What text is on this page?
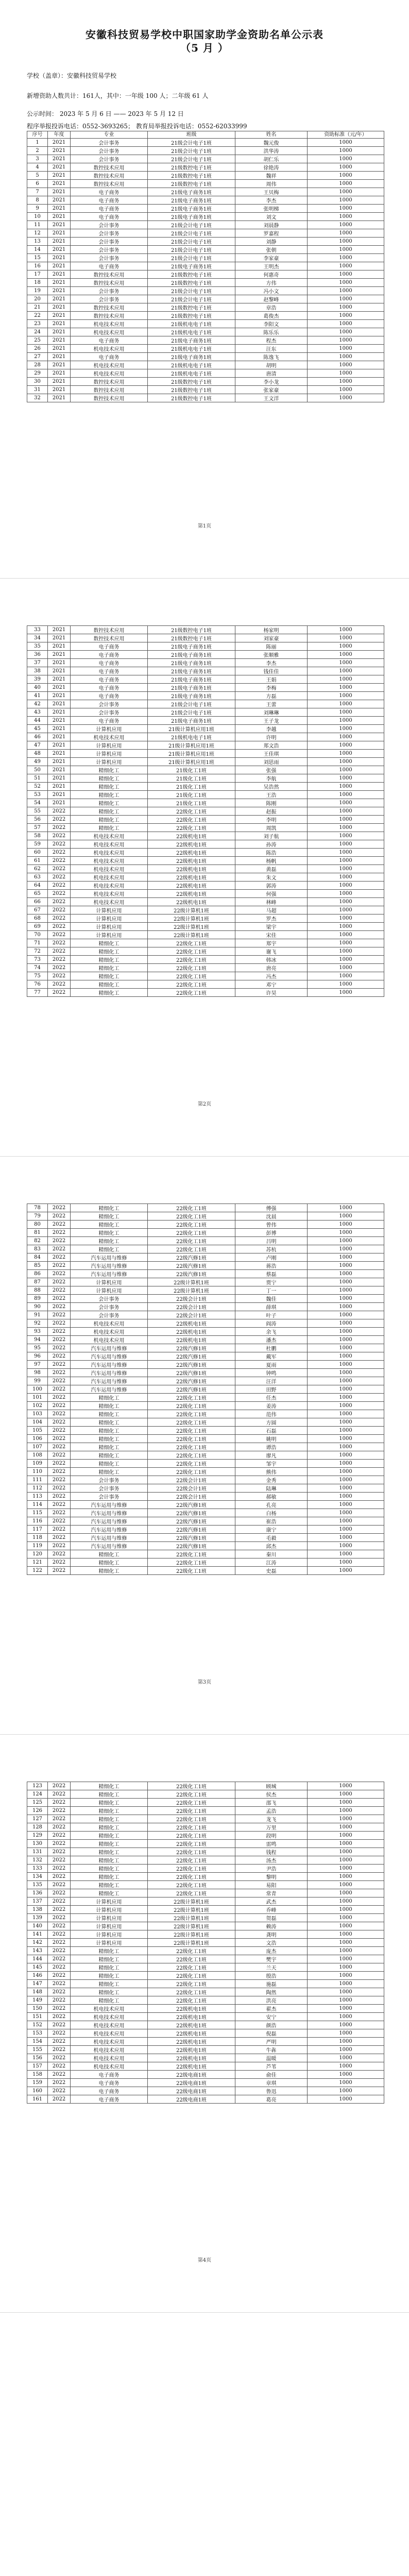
安徽科技贸易学校中职国家助学金资助名单公示表
（5 月 ）
学校（盖章）：安徽科技贸易学校
新增资助人数共计：161人，其中：一年级 100 人；二年级 61 人
公示时间： 2023 年 5 月 6 日 —— 2023 年 5 月 12 日
程序举报投诉电话：0552-3693265； 教育局举报投诉电话：0552-62033999
序号	年度	专业	班级	姓名	资助标准（元/年）
1	2021	会计事务	21级会计电子1班	魏元俊	1000
2	2021	会计事务	21级会计电子1班	洪华涛	1000
3	2021	会计事务	21级会计电子1班	胡仁乐	1000
4	2021	数控技术应用	21级数控电子1班	徐艳涛	1000
5	2021	数控技术应用	21级数控电子1班	魏祥	1000
6	2021	数控技术应用	21级数控电子1班	周伟	1000
7	2021	电子商务	21级电子商务1班	王贝梅	1000
8	2021	电子商务	21级电子商务1班	李杰	1000
9	2021	电子商务	21级电子商务1班	张明梯	1000
10	2021	电子商务	21级电子商务1班	刘文	1000
11	2021	会计事务	21级会计电子1班	刘晨静	1000
12	2021	会计事务	21级会计电子1班	罗嘉程	1000
13	2021	会计事务	21级会计电子1班	刘静	1000
14	2021	会计事务	21级会计电子1班	张朝	1000
15	2021	会计事务	21级会计电子1班	李家豪	1000
16	2021	电子商务	21级电子商务1班	王明杰	1000
17	2021	数控技术应用	21级数控电子1班	何惠奇	1000
18	2021	数控技术应用	21级数控电子1班	方伟	1000
19	2021	会计事务	21级会计电子1班	冯小文	1000
20	2021	会计事务	21级会计电子1班	赵黎峰	1000
21	2021	数控技术应用	21级数控电子1班	章浩	1000
22	2021	数控技术应用	21级数控电子1班	葛俊杰	1000
23	2021	机电技术应用	21级机电电子1班	李阳文	1000
24	2021	机电技术应用	21级机电电子1班	陈乐乐	1000
25	2021	电子商务	21级电子商务1班	程杰	1000
26	2021	机电技术应用	21级机电电子1班	汪东	1000
27	2021	电子商务	21级电子商务1班	陈逸飞	1000
28	2021	机电技术应用	21级机电电子1班	胡明	1000
29	2021	机电技术应用	21级机电电子1班	唐清	1000
30	2021	数控技术应用	21级数控电子1班	李小龙	1000
31	2021	数控技术应用	21级数控电子1班	张家豪	1000
32	2021	数控技术应用	21级数控电子1班	王文洋	1000
第1页
33	2021	数控技术应用	21级数控电子1班	杨家明	1000
34	2021	数控技术应用	21级数控电子1班	刘家豪	1000
35	2021	电子商务	21级电子商务1班	陈丽	1000
36	2021	电子商务	21级电子商务1班	张顺雅	1000
37	2021	电子商务	21级电子商务1班	李杰	1000
38	2021	电子商务	21级电子商务1班	钱佳佳	1000
39	2021	电子商务	21级电子商务1班	王娟	1000
40	2021	电子商务	21级电子商务1班	李梅	1000
41	2021	电子商务	21级电子商务1班	方磊	1000
42	2021	会计事务	21级会计电子1班	王蕾	1000
43	2021	会计事务	21级会计电子1班	刘琳琳	1000
44	2021	电子商务	21级电子商务1班	王子龙	1000
45	2021	计算机应用	21级计算机应用1班	李越	1000
46	2021	机电技术应用	21级机电电子1班	许明	1000
47	2021	计算机应用	21级计算机应用1班	郑文浩	1000
48	2021	计算机应用	21级计算机应用1班	王佳琪	1000
49	2021	计算机应用	21级计算机应用1班	刘思雨	1000
50	2021	精细化工	21级化工1班	张强	1000
51	2021	精细化工	21级化工1班	李航	1000
52	2021	精细化工	21级化工1班	吴浩然	1000
53	2021	精细化工	21级化工1班	王浩	1000
54	2021	精细化工	21级化工1班	陈刚	1000
55	2022	精细化工	22级化工1班	赵振	1000
56	2022	精细化工	22级化工1班	李明	1000
57	2022	精细化工	22级化工1班	周凯	1000
58	2022	机电技术应用	22级机电1班	刘子航	1000
59	2022	机电技术应用	22级机电1班	孙涛	1000
60	2022	机电技术应用	22级机电1班	陈浩	1000
61	2022	机电技术应用	22级机电1班	杨帆	1000
62	2022	机电技术应用	22级机电1班	黄磊	1000
63	2022	机电技术应用	22级机电1班	朱文	1000
64	2022	机电技术应用	22级机电1班	郭涛	1000
65	2022	机电技术应用	22级机电1班	何强	1000
66	2022	机电技术应用	22级机电1班	林峰	1000
67	2022	计算机应用	22级计算机1班	马超	1000
68	2022	计算机应用	22级计算机1班	罗杰	1000
69	2022	计算机应用	22级计算机1班	梁宇	1000
70	2022	计算机应用	22级计算机1班	宋佳	1000
71	2022	精细化工	22级化工1班	郑宇	1000
72	2022	精细化工	22级化工1班	谢飞	1000
73	2022	精细化工	22级化工1班	韩冰	1000
74	2022	精细化工	22级化工1班	唐亮	1000
75	2022	精细化工	22级化工1班	冯杰	1000
76	2022	精细化工	22级化工1班	邓宁	1000
77	2022	精细化工	22级化工1班	许昊	1000
第2页
78	2022	精细化工	22级化工1班	傅强	1000
79	2022	精细化工	22级化工1班	沈晨	1000
80	2022	精细化工	22级化工1班	曾伟	1000
81	2022	精细化工	22级化工1班	彭博	1000
82	2022	精细化工	22级化工1班	吕明	1000
83	2022	精细化工	22级化工1班	苏杭	1000
84	2022	汽车运用与维修	22级汽修1班	卢刚	1000
85	2022	汽车运用与维修	22级汽修1班	蒋浩	1000
86	2022	汽车运用与维修	22级汽修1班	蔡磊	1000
87	2022	计算机应用	22级计算机1班	贾宁	1000
88	2022	计算机应用	22级计算机1班	丁一	1000
89	2022	会计事务	22级会计1班	魏佳	1000
90	2022	会计事务	22级会计1班	薛琪	1000
91	2022	会计事务	22级会计1班	叶子	1000
92	2022	机电技术应用	22级机电1班	阎涛	1000
93	2022	机电技术应用	22级机电1班	余飞	1000
94	2022	机电技术应用	22级机电1班	潘杰	1000
95	2022	汽车运用与维修	22级汽修1班	杜鹏	1000
96	2022	汽车运用与维修	22级汽修1班	戴军	1000
97	2022	汽车运用与维修	22级汽修1班	夏雨	1000
98	2022	汽车运用与维修	22级汽修1班	钟鸣	1000
99	2022	汽车运用与维修	22级汽修1班	汪洋	1000
100	2022	汽车运用与维修	22级汽修1班	田野	1000
101	2022	精细化工	22级化工1班	任杰	1000
102	2022	精细化工	22级化工1班	姜涛	1000
103	2022	精细化工	22级化工1班	范伟	1000
104	2022	精细化工	22级化工1班	方圆	1000
105	2022	精细化工	22级化工1班	石磊	1000
106	2022	精细化工	22级化工1班	姚明	1000
107	2022	精细化工	22级化工1班	谭浩	1000
108	2022	精细化工	22级化工1班	廖凡	1000
109	2022	精细化工	22级化工1班	邹宇	1000
110	2022	精细化工	22级化工1班	熊伟	1000
111	2022	会计事务	22级会计1班	金秀	1000
112	2022	会计事务	22级会计1班	陆琳	1000
113	2022	会计事务	22级会计1班	郝敏	1000
114	2022	汽车运用与维修	22级汽修1班	孔亮	1000
115	2022	汽车运用与维修	22级汽修1班	白杨	1000
116	2022	汽车运用与维修	22级汽修1班	崔浩	1000
117	2022	汽车运用与维修	22级汽修1班	康宁	1000
118	2022	汽车运用与维修	22级汽修1班	毛毅	1000
119	2022	汽车运用与维修	22级汽修1班	邱杰	1000
120	2022	精细化工	22级化工1班	秦川	1000
121	2022	精细化工	22级化工1班	江涛	1000
122	2022	精细化工	22级化工1班	史磊	1000
第3页
123	2022	精细化工	22级化工1班	顾城	1000
124	2022	精细化工	22级化工1班	侯杰	1000
125	2022	精细化工	22级化工1班	邵飞	1000
126	2022	精细化工	22级化工1班	孟浩	1000
127	2022	精细化工	22级化工1班	龙飞	1000
128	2022	精细化工	22级化工1班	万里	1000
129	2022	精细化工	22级化工1班	段明	1000
130	2022	精细化工	22级化工1班	雷鸣	1000
131	2022	精细化工	22级化工1班	钱程	1000
132	2022	精细化工	22级化工1班	汤杰	1000
133	2022	精细化工	22级化工1班	尹浩	1000
134	2022	精细化工	22级化工1班	黎明	1000
135	2022	精细化工	22级化工1班	易阳	1000
136	2022	精细化工	22级化工1班	常青	1000
137	2022	计算机应用	22级计算机1班	武杰	1000
138	2022	计算机应用	22级计算机1班	乔峰	1000
139	2022	计算机应用	22级计算机1班	贺磊	1000
140	2022	计算机应用	22级计算机1班	赖涛	1000
141	2022	计算机应用	22级计算机1班	龚明	1000
142	2022	计算机应用	22级计算机1班	文浩	1000
143	2022	精细化工	22级化工1班	庞杰	1000
144	2022	精细化工	22级化工1班	樊宇	1000
145	2022	精细化工	22级化工1班	兰天	1000
146	2022	精细化工	22级化工1班	殷浩	1000
147	2022	精细化工	22级化工1班	施磊	1000
148	2022	精细化工	22级化工1班	陶然	1000
149	2022	精细化工	22级化工1班	洪亮	1000
150	2022	机电技术应用	22级机电1班	翟杰	1000
151	2022	机电技术应用	22级机电1班	安宁	1000
152	2022	机电技术应用	22级机电1班	颜浩	1000
153	2022	机电技术应用	22级机电1班	倪磊	1000
154	2022	机电技术应用	22级机电1班	严明	1000
155	2022	机电技术应用	22级机电1班	牛犇	1000
156	2022	机电技术应用	22级机电1班	温暖	1000
157	2022	机电技术应用	22级机电1班	芦苇	1000
158	2022	电子商务	22级电商1班	俞佳	1000
159	2022	电子商务	22级电商1班	章琪	1000
160	2022	电子商务	22级电商1班	鲁迅	1000
161	2022	电子商务	22级电商1班	葛亮	1000
第4页
